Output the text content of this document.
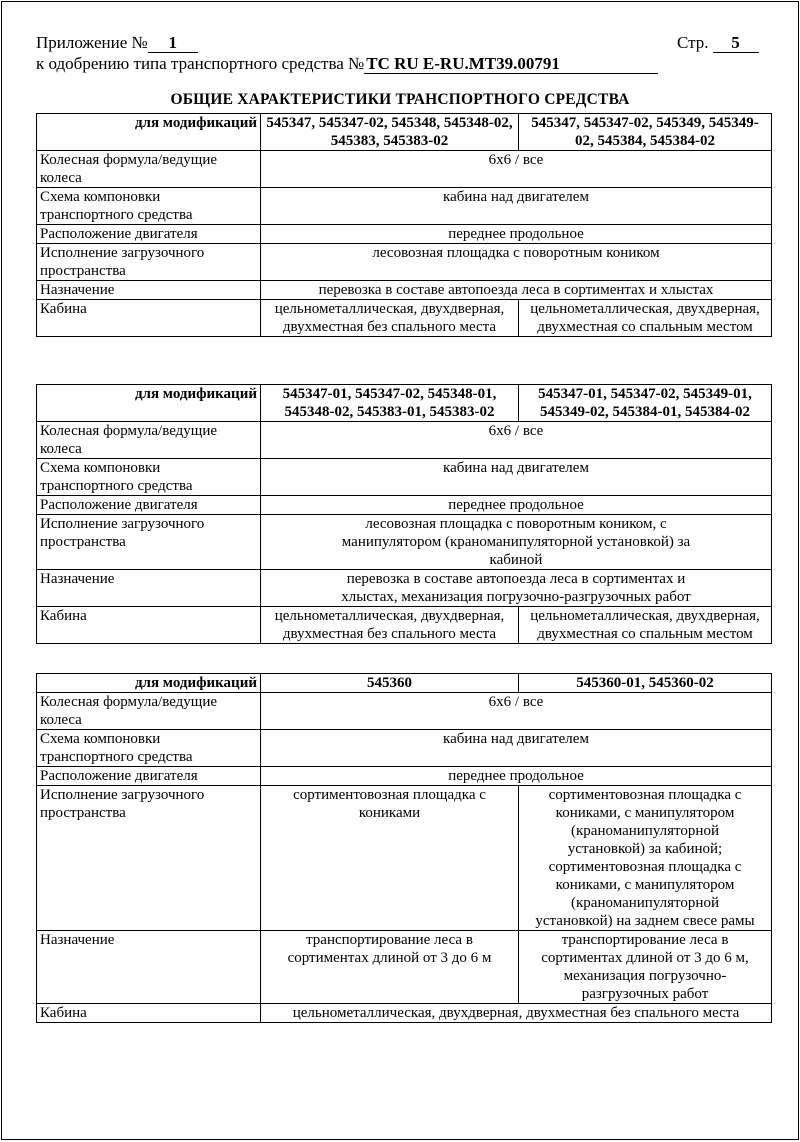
Приложение № 1	Стр. 5
к одобрению типа транспортного средства № TC RU E-RU.MT39.00791
ОБЩИЕ ХАРАКТЕРИСТИКИ ТРАНСПОРТНОГО СРЕДСТВА
для модификаций	545347, 545347-02, 545348, 545348-02, 545383, 545383-02	545347, 545347-02, 545349, 545349-02, 545384, 545384-02
Колесная формула/ведущие колеса	6х6 / все	
Схема компоновки транспортного средства	кабина над двигателем	
Расположение двигателя	переднее продольное	
Исполнение загрузочного пространства	лесовозная площадка с поворотным коником	
Назначение	перевозка в составе автопоезда леса в сортиментах и хлыстах	
Кабина	цельнометаллическая, двухдверная, двухместная без спального места	цельнометаллическая, двухдверная, двухместная со спальным местом
для модификаций	545347-01, 545347-02, 545348-01, 545348-02, 545383-01, 545383-02	545347-01, 545347-02, 545349-01, 545349-02, 545384-01, 545384-02
Колесная формула/ведущие колеса	6х6 / все	
Схема компоновки транспортного средства	кабина над двигателем	
Расположение двигателя	переднее продольное	
Исполнение загрузочного пространства	лесовозная площадка с поворотным коником, с манипулятором (краноманипуляторной установкой) за кабиной	
Назначение	перевозка в составе автопоезда леса в сортиментах и хлыстах, механизация погрузочно-разгрузочных работ	
Кабина	цельнометаллическая, двухдверная, двухместная без спального места	цельнометаллическая, двухдверная, двухместная со спальным местом
для модификаций	545360	545360-01, 545360-02
Колесная формула/ведущие колеса	6х6 / все	
Схема компоновки транспортного средства	кабина над двигателем	
Расположение двигателя	переднее продольное	
Исполнение загрузочного пространства	сортиментовозная площадка с кониками	сортиментовозная площадка с кониками, с манипулятором (краноманипуляторной установкой) за кабиной; сортиментовозная площадка с кониками, с манипулятором (краноманипуляторной установкой) на заднем свесе рамы
Назначение	транспортирование леса в сортиментах длиной от 3 до 6 м	транспортирование леса в сортиментах длиной от 3 до 6 м, механизация погрузочно-разгрузочных работ
Кабина	цельнометаллическая, двухдверная, двухместная без спального места	
